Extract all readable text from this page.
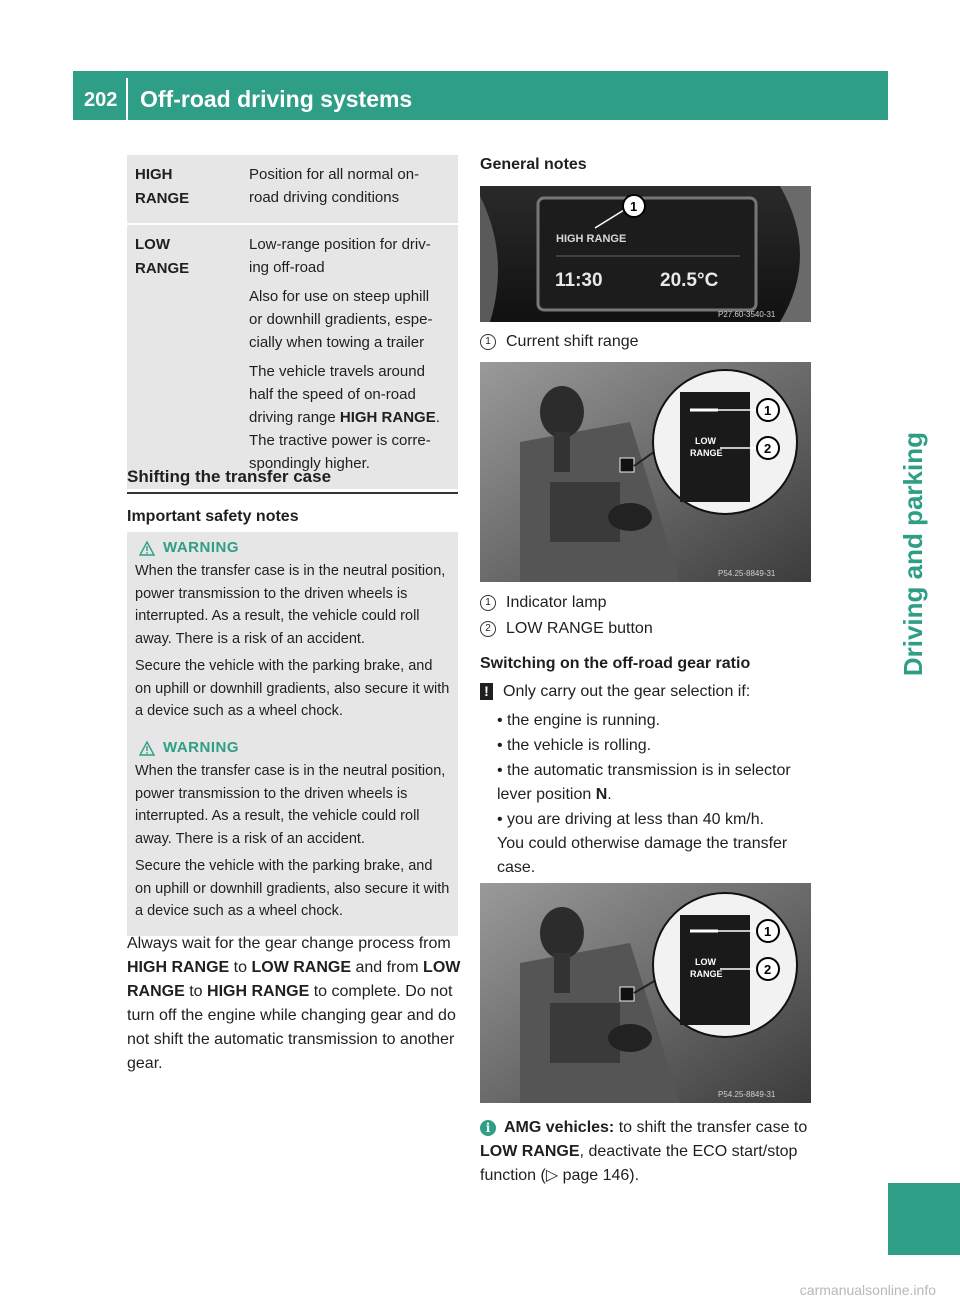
202 Off-road driving systems
Driving and parking
HIGH
RANGE

Position for all normal on-
road driving conditions

LOW
RANGE

Low-range position for driv-
ing off-road

Also for use on steep uphill
or downhill gradients, espe-
cially when towing a trailer

The vehicle travels around
half the speed of on-road
driving range HIGH RANGE.
The tractive power is corre-
spondingly higher.

Shifting the transfer case
Important safety notes
WARNING

When the transfer case is in the neutral position, power transmission to the driven wheels is interrupted. As a result, the vehicle could roll away. There is a risk of an accident.

Secure the vehicle with the parking brake, and on uphill or downhill gradients, also secure it with a device such as a wheel chock.

WARNING

When the transfer case is in the neutral position, power transmission to the driven wheels is interrupted. As a result, the vehicle could roll away. There is a risk of an accident.

Secure the vehicle with the parking brake, and on uphill or downhill gradients, also secure it with a device such as a wheel chock.

Always wait for the gear change process from HIGH RANGE to LOW RANGE and from LOW RANGE to HIGH RANGE to complete. Do not turn off the engine while changing gear and do not shift the automatic transmission to another gear.
General notes
HIGH RANGE
11:30	20.5°C
1
P27.60-3540-31
1 Current shift range
LOW
RANGE
1
2
P54.25-8849-31
1 Indicator lamp
2 LOW RANGE button
Switching on the off-road gear ratio
! Only carry out the gear selection if:
• the engine is running.
• the vehicle is rolling.
• the automatic transmission is in selector lever position N.
• you are driving at less than 40 km/h.
You could otherwise damage the transfer case.
LOW
RANGE
1
2
P54.25-8849-31
i AMG vehicles: to shift the transfer case to LOW RANGE, deactivate the ECO start/stop function (▷ page 146).
carmanualsonline.info
